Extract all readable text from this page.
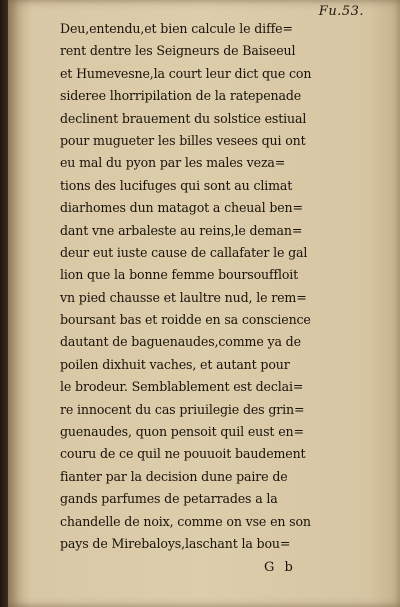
Fu.53.
Deu,entendu,et bien calcule le diffe=
rent dentre les Seigneurs de Baiseeul
et Humevesne,la court leur dict que con
sideree lhorripilation de la ratepenade
declinent brauement du solstice estiual
pour mugueter les billes vesees qui ont
eu mal du pyon par les males veza=
tions des lucifuges qui sont au climat
diarhomes dun matagot a cheual ben=
dant vne arbaleste au reins,le deman=
deur eut iuste cause de callafater le gal
lion que la bonne femme boursouffloit
vn pied chausse et laultre nud, le rem=
boursant bas et roidde en sa conscience
dautant de baguenaudes,comme ya de
poilen dixhuit vaches, et autant pour
le brodeur. Semblablement est declai=
re innocent du cas priuilegie des grin=
guenaudes, quon pensoit quil eust en=
couru de ce quil ne pouuoit baudement
fianter par la decision dune paire de
gands parfumes de petarrades a la
chandelle de noix, comme on vse en son
pays de Mirebaloys,laschant la bou=
G b
